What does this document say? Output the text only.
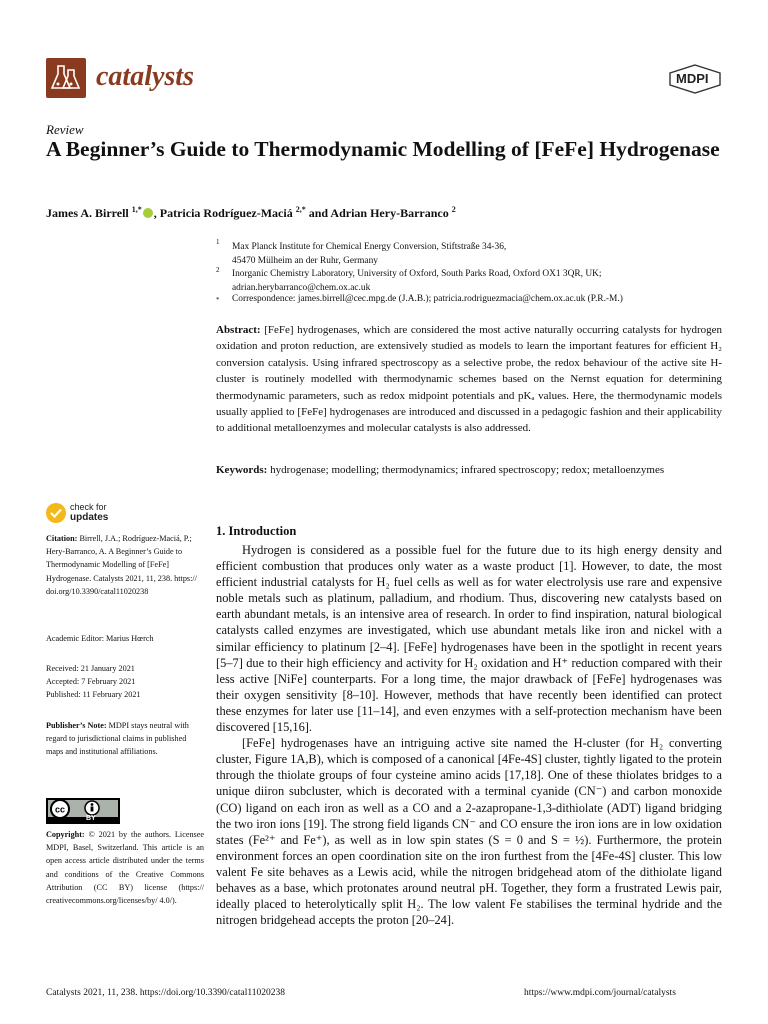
catalysts	MDPI
Review
A Beginner’s Guide to Thermodynamic Modelling of [FeFe] Hydrogenase
James A. Birrell $^{1,*}$ , Patricia Rodríguez-Maciá $^{2,*}$ and Adrian Hery-Barranco $^2$
1 Max Planck Institute for Chemical Energy Conversion, Stiftstraße 34-36,
45470 Mülheim an der Ruhr, Germany
2 Inorganic Chemistry Laboratory, University of Oxford, South Parks Road, Oxford OX1 3QR, UK;
adrian.herybarranco@chem.ox.ac.uk
* Correspondence: james.birrell@cec.mpg.de (J.A.B.); patricia.rodriguezmacia@chem.ox.ac.uk (P.R.-M.)
Abstract: [FeFe] hydrogenases, which are considered the most active naturally occurring catalysts for hydrogen oxidation and proton reduction, are extensively studied as models to learn the important features for efficient H₂ conversion catalysis. Using infrared spectroscopy as a selective probe, the redox behaviour of the active site H-cluster is routinely modelled with thermodynamic schemes based on the Nernst equation for determining thermodynamic parameters, such as redox midpoint potentials and pKₐ values. Here, the thermodynamic models usually applied to [FeFe] hydrogenases are introduced and discussed in a pedagogic fashion and their applicability to additional metalloenzymes and molecular catalysts is also addressed.
Keywords: hydrogenase; modelling; thermodynamics; infrared spectroscopy; redox; metalloenzymes
check for
updates
Citation: Birrell, J.A.; Rodríguez-Maciá, P.; Hery-Barranco, A. A Beginner’s Guide to Thermodynamic Modelling of [FeFe] Hydrogenase. Catalysts 2021, 11, 238. https:// doi.org/10.3390/catal11020238
Academic Editor: Marius Hœrch
Received: 21 January 2021
Accepted: 7 February 2021
Published: 11 February 2021
Publisher’s Note: MDPI stays neutral with regard to jurisdictional claims in published maps and institutional affiliations.
cc
BY
Copyright: © 2021 by the authors. Licensee MDPI, Basel, Switzerland. This article is an open access article distributed under the terms and conditions of the Creative Commons Attribution (CC BY) license (https:// creativecommons.org/licenses/by/ 4.0/).
1. Introduction

Hydrogen is considered as a possible fuel for the future due to its high energy density and efficient combustion that produces only water as a waste product [1]. However, to date, the most efficient industrial catalysts for H₂ fuel cells as well as for water electrolysis use rare and expensive noble metals such as platinum, palladium, and rhodium. Thus, discovering new catalysts based on earth abundant metals, is an intensive area of research. In order to find inspiration, natural biological catalysts called enzymes are investigated, which use abundant metals like iron and nickel with a similar efficiency to platinum [2–4]. [FeFe] hydrogenases have been in the spotlight in recent years [5–7] due to their high efficiency and activity for H₂ oxidation and H⁺ reduction compared with their less active [NiFe] counterparts. For a long time, the major drawback of [FeFe] hydrogenases was their oxygen sensitivity [8–10]. However, methods that have recently been identified can protect these enzymes for later use [11–14], and even enzymes with a self-protection mechanism have been discovered [15,16].

[FeFe] hydrogenases have an intriguing active site named the H-cluster (for H₂ converting cluster, Figure 1A,B), which is composed of a canonical [4Fe-4S] cluster, tightly ligated to the protein through the thiolate groups of four cysteine amino acids [17,18]. One of these thiolates bridges to a unique diiron subcluster, which is decorated with a terminal cyanide (CN⁻) and carbon monoxide (CO) ligand on each iron as well as a CO and a 2-azapropane-1,3-dithiolate (ADT) ligand bridging the two iron ions [19]. The strong field ligands CN⁻ and CO ensure the iron ions are in low oxidation states (Fe²⁺ and Fe⁺), as well as in low spin states (S = 0 and S = ½). Furthermore, the protein environment forces an open coordination site on the iron furthest from the [4Fe-4S] cluster. This low valent Fe site behaves as a Lewis acid, while the nitrogen bridgehead atom of the dithiolate ligand behaves as a base, which protonates around neutral pH. Together, they form a frustrated Lewis pair, ideally placed to heterolytically split H₂. The low valent Fe stabilises the terminal hydride and the nitrogen bridgehead accepts the proton [20–24].

Catalysts 2021, 11, 238. https://doi.org/10.3390/catal11020238	https://www.mdpi.com/journal/catalysts
